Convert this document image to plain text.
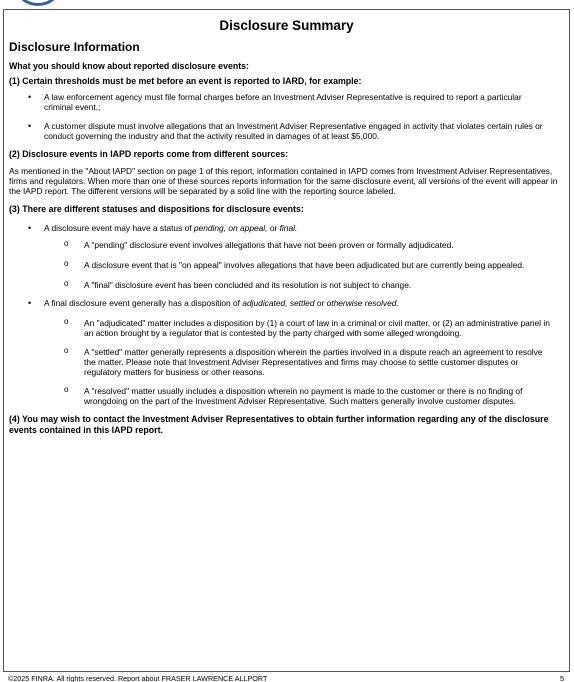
Disclosure Summary
Disclosure Information
What you should know about reported disclosure events:
(1) Certain thresholds must be met before an event is reported to IARD, for example:
• A law enforcement agency must file formal charges before an Investment Adviser Representative is required to report a particular criminal event.;
• A customer dispute must involve allegations that an Investment Adviser Representative engaged in activity that violates certain rules or conduct governing the industry and that the activity resulted in damages of at least $5,000.
(2) Disclosure events in IAPD reports come from different sources:
As mentioned in the "About IAPD" section on page 1 of this report, information contained in IAPD comes from Investment Adviser Representatives, firms and regulators. When more than one of these sources reports information for the same disclosure event, all versions of the event will appear in the IAPD report. The different versions will be separated by a solid line with the reporting source labeled.
(3) There are different statuses and dispositions for disclosure events:
• A disclosure event may have a status of pending, on appeal, or final.
o A "pending" disclosure event involves allegations that have not been proven or formally adjudicated.
o A disclosure event that is "on appeal" involves allegations that have been adjudicated but are currently being appealed.
o A "final" disclosure event has been concluded and its resolution is not subject to change.
• A final disclosure event generally has a disposition of adjudicated, settled or otherwise resolved.
o An "adjudicated" matter includes a disposition by (1) a court of law in a criminal or civil matter, or (2) an administrative panel in an action brought by a regulator that is contested by the party charged with some alleged wrongdoing.
o A "settled" matter generally represents a disposition wherein the parties involved in a dispute reach an agreement to resolve the matter. Please note that Investment Adviser Representatives and firms may choose to settle customer disputes or regulatory matters for business or other reasons.
o A "resolved" matter usually includes a disposition wherein no payment is made to the customer or there is no finding of wrongdoing on the part of the Investment Adviser Representative. Such matters generally involve customer disputes.
(4) You may wish to contact the Investment Adviser Representatives to obtain further information regarding any of the disclosure events contained in this IAPD report.
©2025 FINRA. All rights reserved. Report about FRASER LAWRENCE ALLPORT	5
